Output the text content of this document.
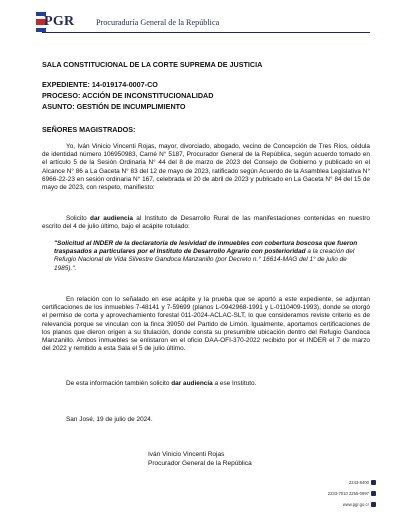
PGR	Procuraduría General de la República
SALA CONSTITUCIONAL DE LA CORTE SUPREMA DE JUSTICIA
EXPEDIENTE: 14-019174-0007-CO
PROCESO: ACCIÓN DE INCONSTITUCIONALIDAD
ASUNTO: GESTIÓN DE INCUMPLIMIENTO
SEÑORES MAGISTRADOS:

Yo, Iván Vinicio Vincenti Rojas, mayor, divorciado, abogado, vecino de Concepción de Tres Ríos, cédula de identidad número 106950983, Carné N° 5187, Procurador General de la República, según acuerdo tomado en el artículo 5 de la Sesión Ordinaria N° 44 del 8 de marzo de 2023 del Consejo de Gobierno y publicado en el Alcance N° 86 a La Gaceta N° 83 del 12 de mayo de 2023, ratificado según Acuerdo de la Asamblea Legislativa N° 6966-22-23 en sesión ordinaria N° 167, celebrada el 20 de abril de 2023 y publicado en La Gaceta N° 84 del 15 de mayo de 2023, con respeto, manifiesto:

Solicito dar audiencia al Instituto de Desarrollo Rural de las manifestaciones contenidas en nuestro escrito del 4 de julio último, bajo el acápite rotulado:

"Solicitud al INDER de la declaratoria de lesividad de inmuebles con cobertura boscosa que fueron traspasados a particulares por el Instituto de Desarrollo Agrario con posterioridad a la creación del Refugio Nacional de Vida Silvestre Gandoca Manzanillo (por Decreto n.° 16614-MAG del 1° de julio de 1985).".

En relación con lo señalado en ese acápite y la prueba que se aportó a este expediente, se adjuntan certificaciones de los inmuebles 7-48141 y 7-59699 (planos L-0942968-1991 y L-0110409-1993), donde se otorgó el permiso de corta y aprovechamiento forestal 011-2024-ACLAC-SLT, lo que consideramos reviste criterio es de relevancia porque se vinculan con la finca 39050 del Partido de Limón. Igualmente, aportamos certificaciones de los planos que dieron origen a su titulación, donde consta su presumible ubicación dentro del Refugio Gandoca Manzanillo. Ambos inmuebles se enlistaron en el oficio DAA-OFI-370-2022 recibido por el INDER el 7 de marzo del 2022 y remitido a esta Sala el 5 de julio último.

De esta información también solicito dar audiencia a ese Instituto.

San José, 19 de julio de 2024.
Iván Vinicio Vincenti Rojas
Procurador General de la República
2243-8400
2233-7010 2255-0997
www.pgr.go.cr
